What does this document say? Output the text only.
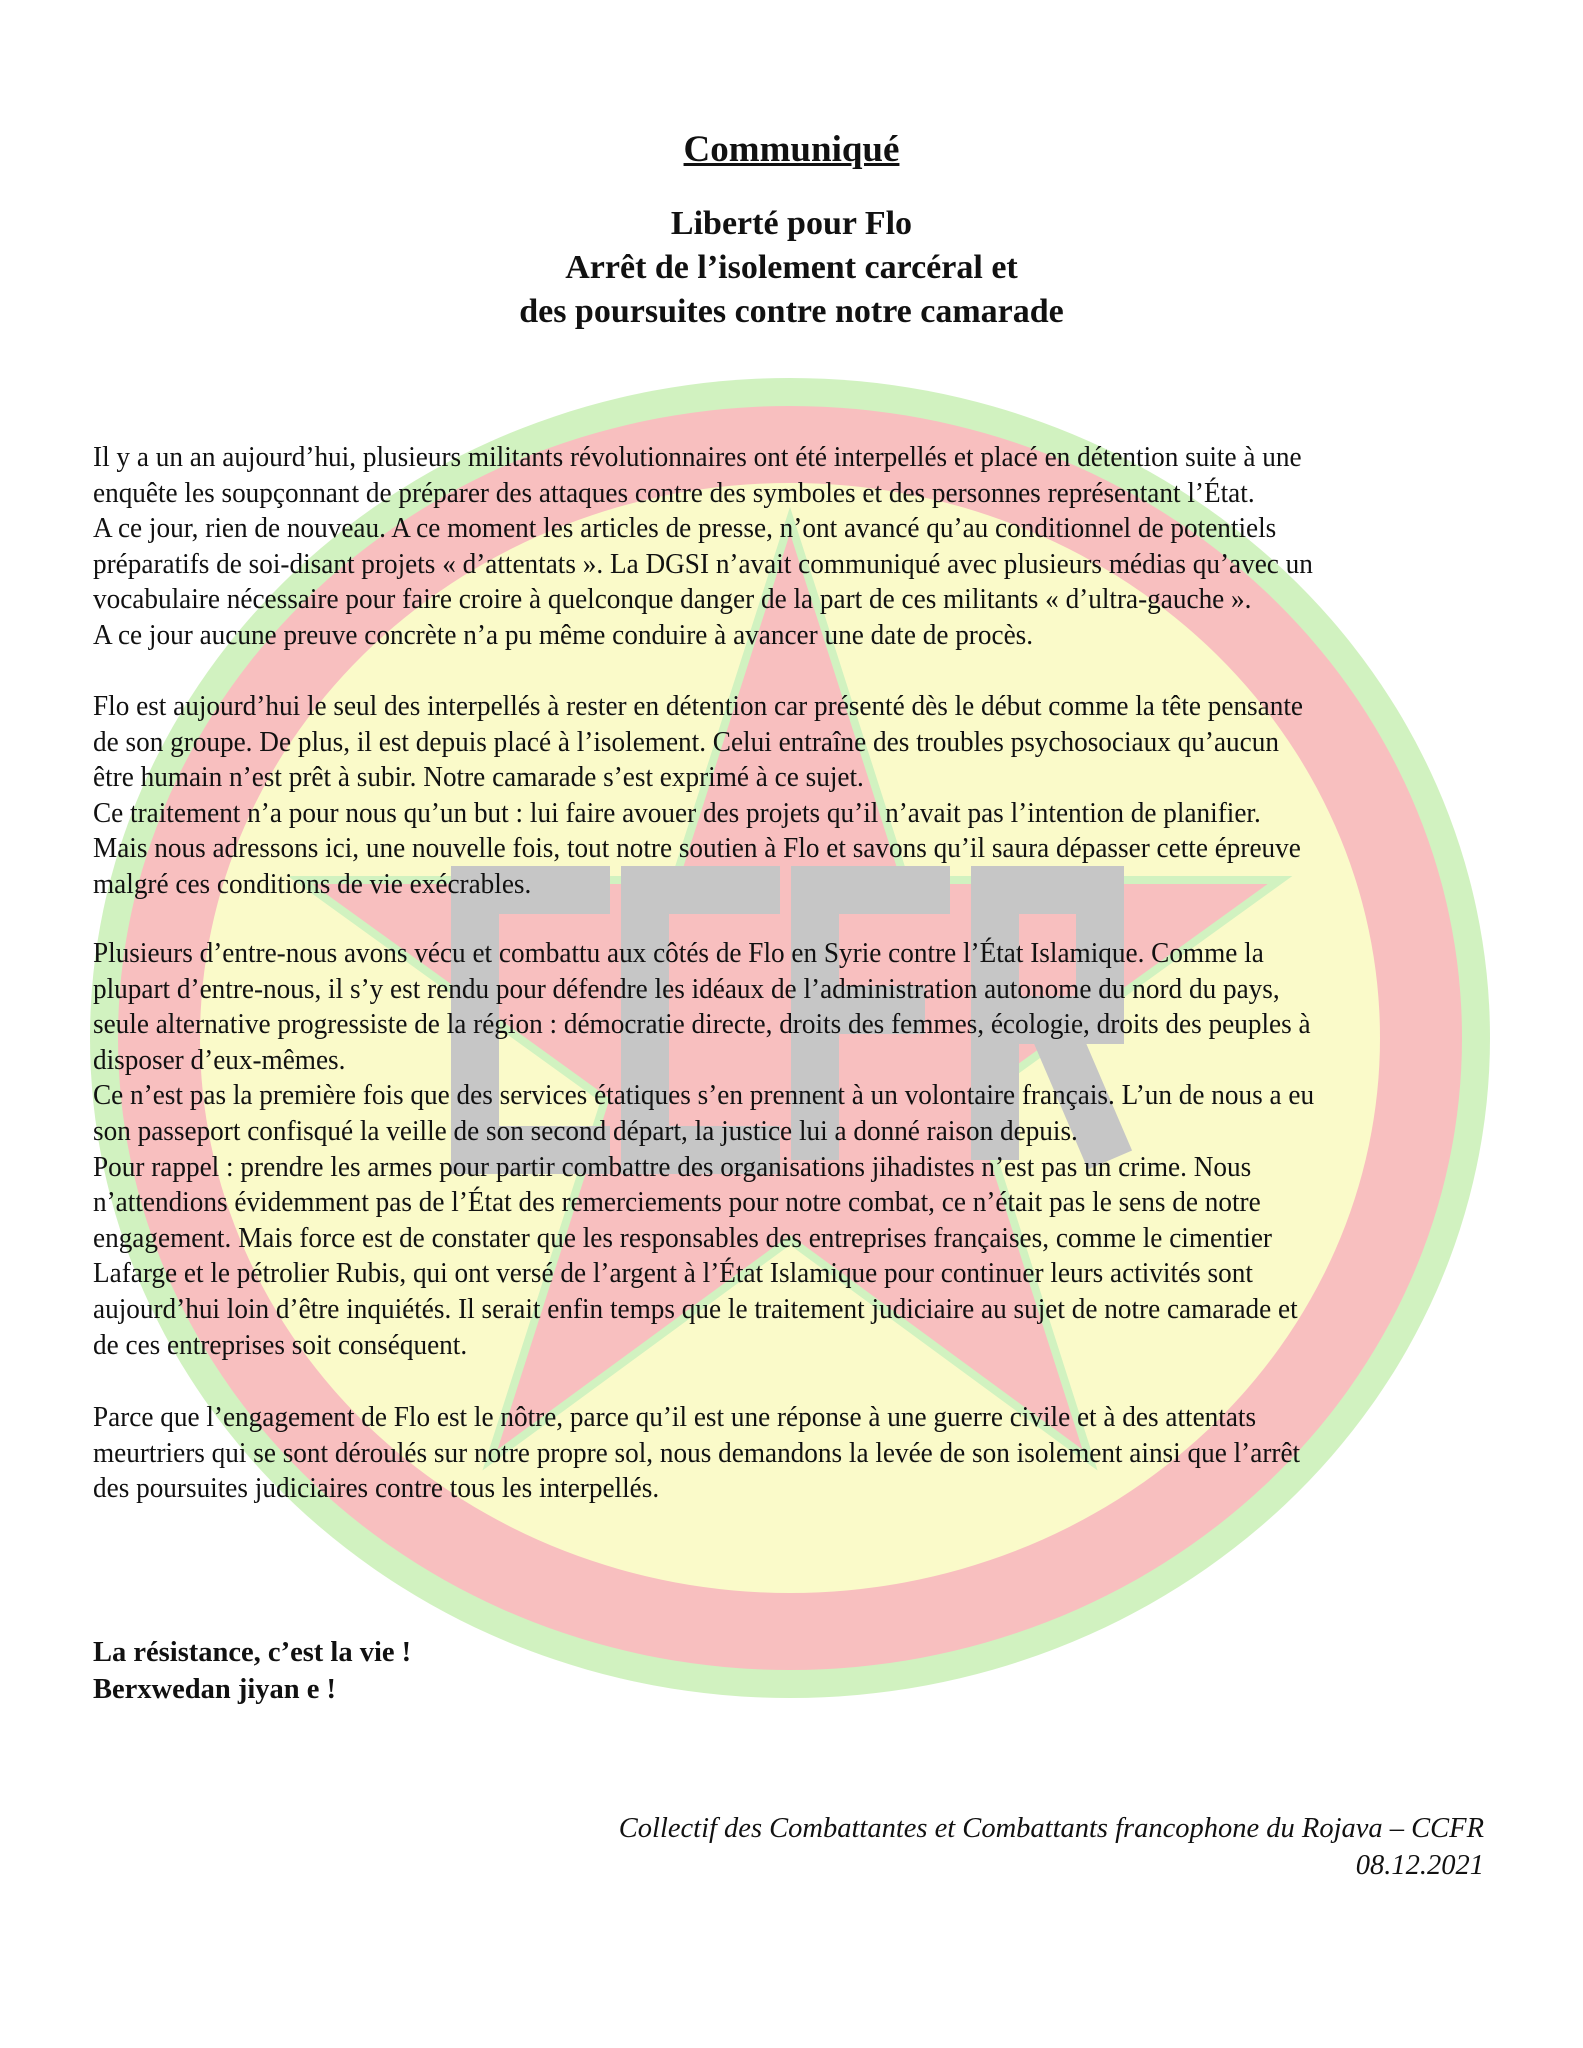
Communiqué
Liberté pour Flo
Arrêt de l’isolement carcéral et
des poursuites contre notre camarade
Il y a un an aujourd’hui, plusieurs militants révolutionnaires ont été interpellés et placé en détention suite à une
enquête les soupçonnant de préparer des attaques contre des symboles et des personnes représentant l’État.
A ce jour, rien de nouveau. A ce moment les articles de presse, n’ont avancé qu’au conditionnel de potentiels
préparatifs de soi-disant projets « d’attentats ». La DGSI n’avait communiqué avec plusieurs médias qu’avec un
vocabulaire nécessaire pour faire croire à quelconque danger de la part de ces militants « d’ultra-gauche ».
A ce jour aucune preuve concrète n’a pu même conduire à avancer une date de procès.
Flo est aujourd’hui le seul des interpellés à rester en détention car présenté dès le début comme la tête pensante
de son groupe. De plus, il est depuis placé à l’isolement. Celui entraîne des troubles psychosociaux qu’aucun
être humain n’est prêt à subir. Notre camarade s’est exprimé à ce sujet.
Ce traitement n’a pour nous qu’un but : lui faire avouer des projets qu’il n’avait pas l’intention de planifier.
Mais nous adressons ici, une nouvelle fois, tout notre soutien à Flo et savons qu’il saura dépasser cette épreuve
malgré ces conditions de vie exécrables.
Plusieurs d’entre-nous avons vécu et combattu aux côtés de Flo en Syrie contre l’État Islamique. Comme la
plupart d’entre-nous, il s’y est rendu pour défendre les idéaux de l’administration autonome du nord du pays,
seule alternative progressiste de la région : démocratie directe, droits des femmes, écologie, droits des peuples à
disposer d’eux-mêmes.
Ce n’est pas la première fois que des services étatiques s’en prennent à un volontaire français. L’un de nous a eu
son passeport confisqué la veille de son second départ, la justice lui a donné raison depuis.
Pour rappel : prendre les armes pour partir combattre des organisations jihadistes n’est pas un crime. Nous
n’attendions évidemment pas de l’État des remerciements pour notre combat, ce n’était pas le sens de notre
engagement. Mais force est de constater que les responsables des entreprises françaises, comme le cimentier
Lafarge et le pétrolier Rubis, qui ont versé de l’argent à l’État Islamique pour continuer leurs activités sont
aujourd’hui loin d’être inquiétés. Il serait enfin temps que le traitement judiciaire au sujet de notre camarade et
de ces entreprises soit conséquent.
Parce que l’engagement de Flo est le nôtre, parce qu’il est une réponse à une guerre civile et à des attentats
meurtriers qui se sont déroulés sur notre propre sol, nous demandons la levée de son isolement ainsi que l’arrêt
des poursuites judiciaires contre tous les interpellés.
La résistance, c’est la vie !
Berxwedan jiyan e !
Collectif des Combattantes et Combattants francophone du Rojava – CCFR
08.12.2021
